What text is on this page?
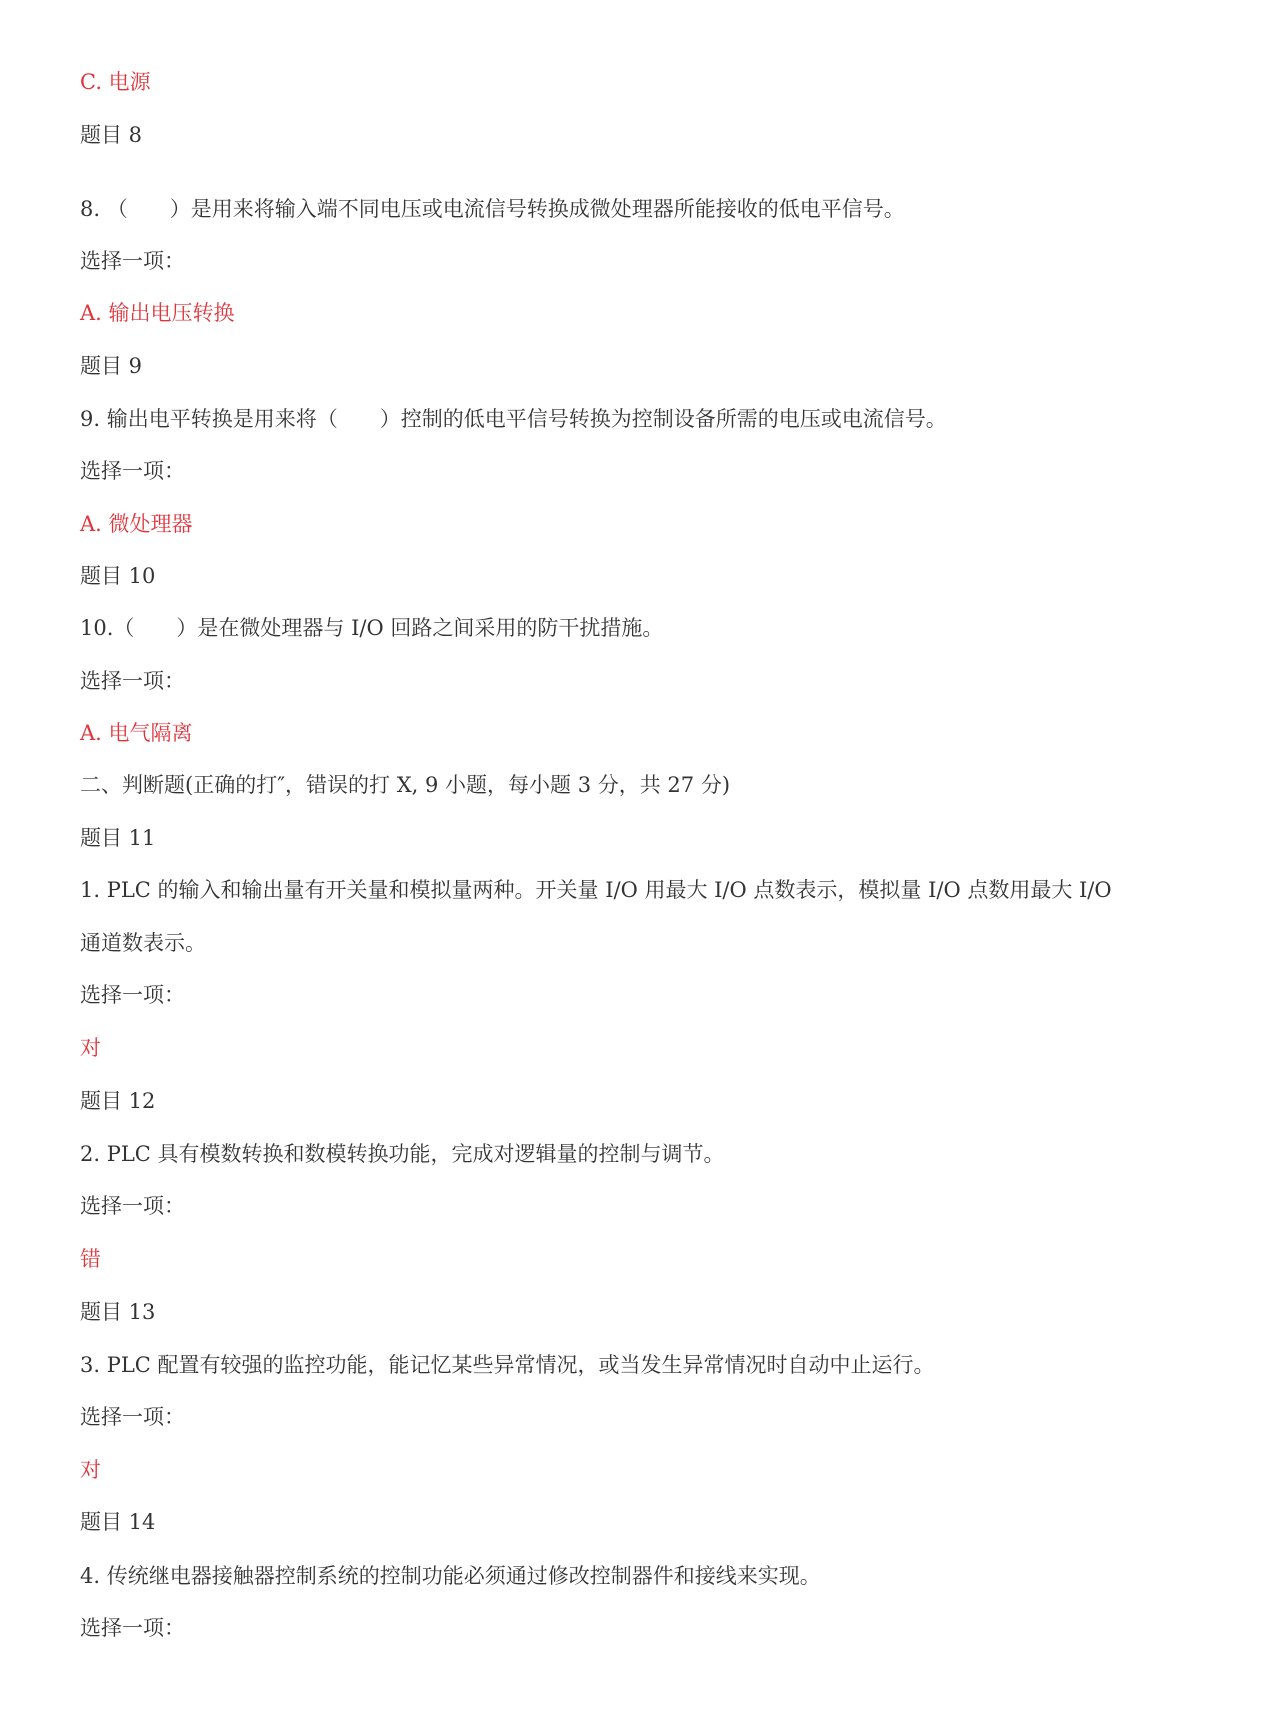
C. 电源
题目 8
8. （　　）是用来将输入端不同电压或电流信号转换成微处理器所能接收的低电平信号。
选择一项：
A. 输出电压转换
题目 9
9. 输出电平转换是用来将（　　）控制的低电平信号转换为控制设备所需的电压或电流信号。
选择一项：
A. 微处理器
题目 10
10.（　　）是在微处理器与 I/O 回路之间采用的防干扰措施。
选择一项：
A. 电气隔离
二、判断题(正确的打″，错误的打 X, 9 小题，每小题 3 分，共 27 分)
题目 11
1. PLC 的输入和输出量有开关量和模拟量两种。开关量 I/O 用最大 I/O 点数表示，模拟量 I/O 点数用最大 I/O
通道数表示。
选择一项：
对
题目 12
2. PLC 具有模数转换和数模转换功能，完成对逻辑量的控制与调节。
选择一项：
错
题目 13
3. PLC 配置有较强的监控功能，能记忆某些异常情况，或当发生异常情况时自动中止运行。
选择一项：
对
题目 14
4. 传统继电器接触器控制系统的控制功能必须通过修改控制器件和接线来实现。
选择一项：
